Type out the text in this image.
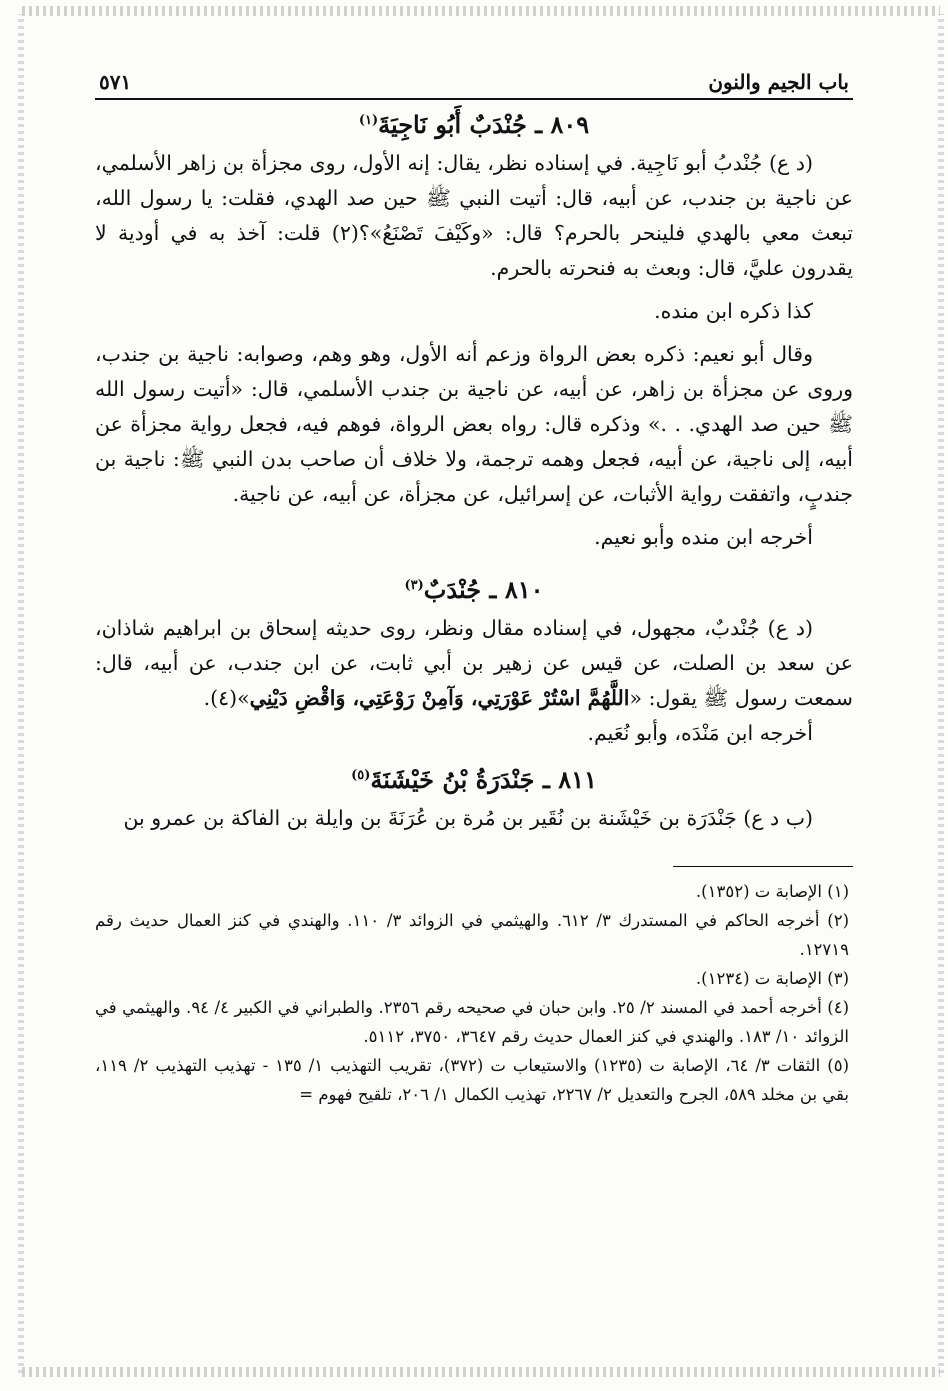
باب الجيم والنون
٥٧١
٨٠٩ ـ جُنْدَبٌ أَبُو نَاجِيَةَ$^{(١)}$

(د ع) جُنْدبُ أبو نَاجِية. في إسناده نظر، يقال: إنه الأول، روى مجزأة بن زاهر الأسلمي، عن ناجية بن جندب، عن أبيه، قال: أتيت النبي ﷺ حين صد الهدي، فقلت: يا رسول الله، تبعث معي بالهدي فلينحر بالحرم؟ قال: «وكَيْفَ تَصْنَعُ»؟(٢) قلت: آخذ به في أودية لا يقدرون عليَّ، قال: وبعث به فنحرته بالحرم.

كذا ذكره ابن منده.

وقال أبو نعيم: ذكره بعض الرواة وزعم أنه الأول، وهو وهم، وصوابه: ناجية بن جندب، وروى عن مجزأة بن زاهر، عن أبيه، عن ناجية بن جندب الأسلمي، قال: «أتيت رسول الله ﷺ حين صد الهدي. . .» وذكره قال: رواه بعض الرواة، فوهم فيه، فجعل رواية مجزأة عن أبيه، إلى ناجية، عن أبيه، فجعل وهمه ترجمة، ولا خلاف أن صاحب بدن النبي ﷺ: ناجية بن جندبٍ، واتفقت رواية الأثبات، عن إسرائيل، عن مجزأة، عن أبيه، عن ناجية.

أخرجه ابن منده وأبو نعيم.

٨١٠ ـ جُنْدَبٌ$^{(٣)}$

(د ع) جُنْدبٌ، مجهول، في إسناده مقال ونظر، روى حديثه إسحاق بن ابراهيم شاذان، عن سعد بن الصلت، عن قيس عن زهير بن أبي ثابت، عن ابن جندب، عن أبيه، قال: سمعت رسول ﷺ يقول: «اللَّهُمَّ اسْتُرْ عَوْرَتِي، وَآمِنْ رَوْعَتِي، وَاقْضِ دَيْنِي»(٤).

أخرجه ابن مَنْدَه، وأبو نُعَيم.

٨١١ ـ جَنْدَرَةُ بْنُ خَيْشَنَةَ$^{(٥)}$

(ب د ع) جَنْدَرَة بن خَيْشَنة بن نُقَير بن مُرة بن عُرَنَةَ بن وايلة بن الفاكة بن عمرو بن

(١) الإصابة ت (١٣٥٢).

(٢) أخرجه الحاكم في المستدرك ٣/ ٦١٢. والهيثمي في الزوائد ٣/ ١١٠. والهندي في كنز العمال حديث رقم ١٢٧١٩.

(٣) الإصابة ت (١٢٣٤).

(٤) أخرجه أحمد في المسند ٢/ ٢٥. وابن حبان في صحيحه رقم ٢٣٥٦. والطبراني في الكبير ٤/ ٩٤. والهيثمي في الزوائد ١٠/ ١٨٣. والهندي في كنز العمال حديث رقم ٣٦٤٧، ٣٧٥٠، ٥١١٢.

(٥) الثقات ٣/ ٦٤، الإصابة ت (١٢٣٥) والاستيعاب ت (٣٧٢)، تقريب التهذيب ١/ ١٣٥ - تهذيب التهذيب ٢/ ١١٩، بقي بن مخلد ٥٨٩، الجرح والتعديل ٢/ ٢٢٦٧، تهذيب الكمال ١/ ٢٠٦، تلقيح فهوم =
